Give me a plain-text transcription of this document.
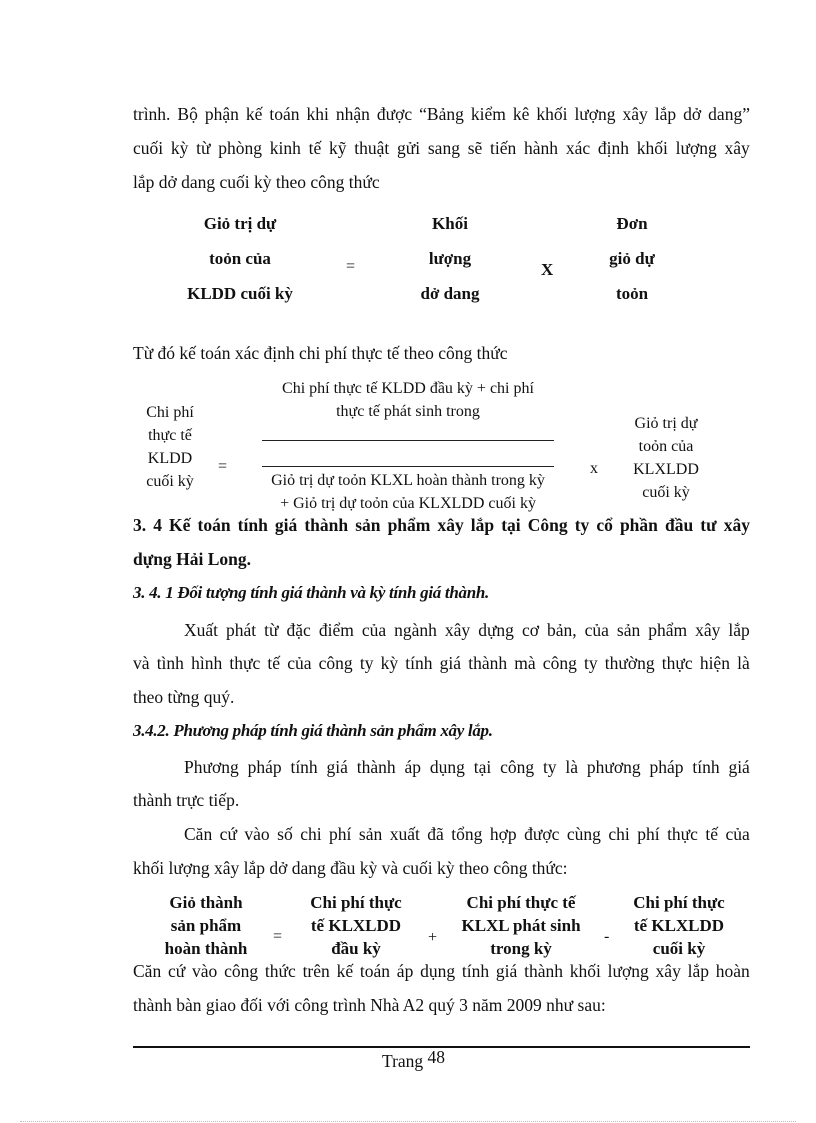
trình. Bộ phận kế toán khi nhận được “Bảng kiểm kê khối lượng xây lắp dở dang”
cuối kỳ từ phòng kinh tế kỹ thuật gửi sang sẽ tiến hành xác định khối lượng xây
lắp dở dang cuối kỳ theo công thức
Giỏ trị dự
toỏn của
KLDD cuối kỳ
=
Khối
lượng
dở dang
X
Đơn
giỏ dự
toỏn
Từ đó kế toán xác định chi phí thực tế theo công thức
Chi phí
thực tế
KLDD
cuối kỳ
=
Chi phí thực tế KLDD đầu kỳ + chi phí
thực tế phát sinh trong
Giỏ trị dự toỏn KLXL hoàn thành trong kỳ
+ Giỏ trị dự toỏn của KLXLDD cuối kỳ
x
Giỏ trị dự
toỏn của
KLXLDD
cuối kỳ
3. 4 Kế toán tính giá thành sản phẩm xây lắp tại Công ty cổ phần đầu tư xây
dựng Hải Long.
3. 4. 1 Đối tượng tính giá thành và kỳ tính giá thành.
Xuất phát từ đặc điểm của ngành xây dựng cơ bản, của sản phẩm xây lắp
và tình hình thực tế của công ty kỳ tính giá thành mà công ty thường thực hiện là
theo từng quý.
3.4.2. Phương pháp tính giá thành sản phẩm xây lắp.
Phương pháp tính giá thành áp dụng tại công ty là phương pháp tính giá
thành trực tiếp.
Căn cứ vào số chi phí sản xuất đã tổng hợp được cùng chi phí thực tế của
khối lượng xây lắp dở dang đầu kỳ và cuối kỳ theo công thức:
Giỏ thành
sản phẩm
hoàn thành
=
Chi phí thực
tế KLXLDD
đầu kỳ
+
Chi phí thực tế
KLXL phát sinh
trong kỳ
-
Chi phí thực
tế KLXLDD
cuối kỳ
Căn cứ vào công thức trên kế toán áp dụng tính giá thành khối lượng xây lắp hoàn
thành bàn giao đối với công trình Nhà A2 quý 3 năm 2009 như sau:
Trang 48
